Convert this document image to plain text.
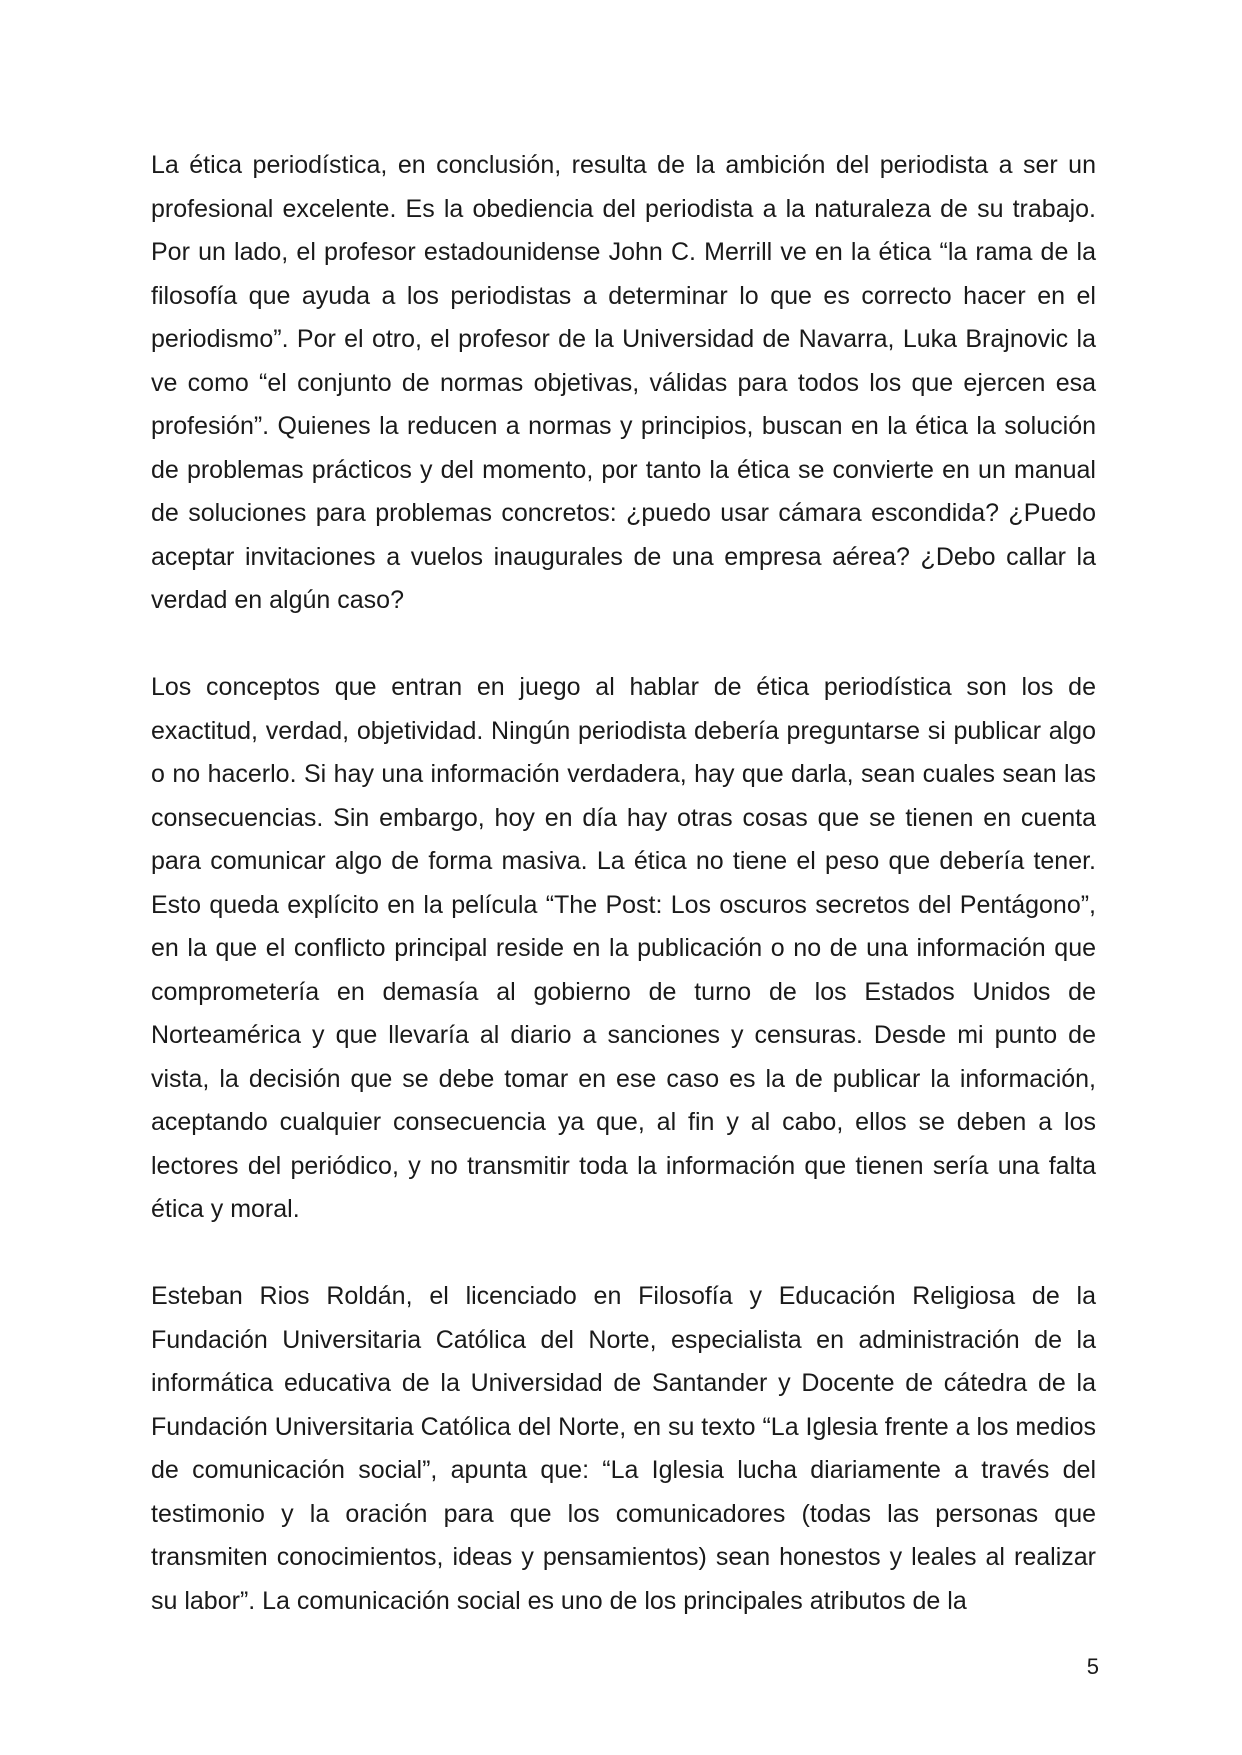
La ética periodística, en conclusión, resulta de la ambición del periodista a ser un profesional excelente. Es la obediencia del periodista a la naturaleza de su trabajo. Por un lado, el profesor estadounidense John C. Merrill ve en la ética “la rama de la filosofía que ayuda a los periodistas a determinar lo que es correcto hacer en el periodismo”. Por el otro, el profesor de la Universidad de Navarra, Luka Brajnovic la ve como “el conjunto de normas objetivas, válidas para todos los que ejercen esa profesión”. Quienes la reducen a normas y principios, buscan en la ética la solución de problemas prácticos y del momento, por tanto la ética se convierte en un manual de soluciones para problemas concretos: ¿puedo usar cámara escondida? ¿Puedo aceptar invitaciones a vuelos inaugurales de una empresa aérea? ¿Debo callar la verdad en algún caso?

Los conceptos que entran en juego al hablar de ética periodística son los de exactitud, verdad, objetividad. Ningún periodista debería preguntarse si publicar algo o no hacerlo. Si hay una información verdadera, hay que darla, sean cuales sean las consecuencias. Sin embargo, hoy en día hay otras cosas que se tienen en cuenta para comunicar algo de forma masiva. La ética no tiene el peso que debería tener. Esto queda explícito en la película “The Post: Los oscuros secretos del Pentágono”, en la que el conflicto principal reside en la publicación o no de una información que comprometería en demasía al gobierno de turno de los Estados Unidos de Norteamérica y que llevaría al diario a sanciones y censuras. Desde mi punto de vista, la decisión que se debe tomar en ese caso es la de publicar la información, aceptando cualquier consecuencia ya que, al fin y al cabo, ellos se deben a los lectores del periódico, y no transmitir toda la información que tienen sería una falta ética y moral.

Esteban Rios Roldán, el licenciado en Filosofía y Educación Religiosa de la Fundación Universitaria Católica del Norte, especialista en administración de la informática educativa de la Universidad de Santander y Docente de cátedra de la Fundación Universitaria Católica del Norte, en su texto “La Iglesia frente a los medios de comunicación social”, apunta que: “La Iglesia lucha diariamente a través del testimonio y la oración para que los comunicadores (todas las personas que transmiten conocimientos, ideas y pensamientos) sean honestos y leales al realizar su labor”. La comunicación social es uno de los principales atributos de la

5
